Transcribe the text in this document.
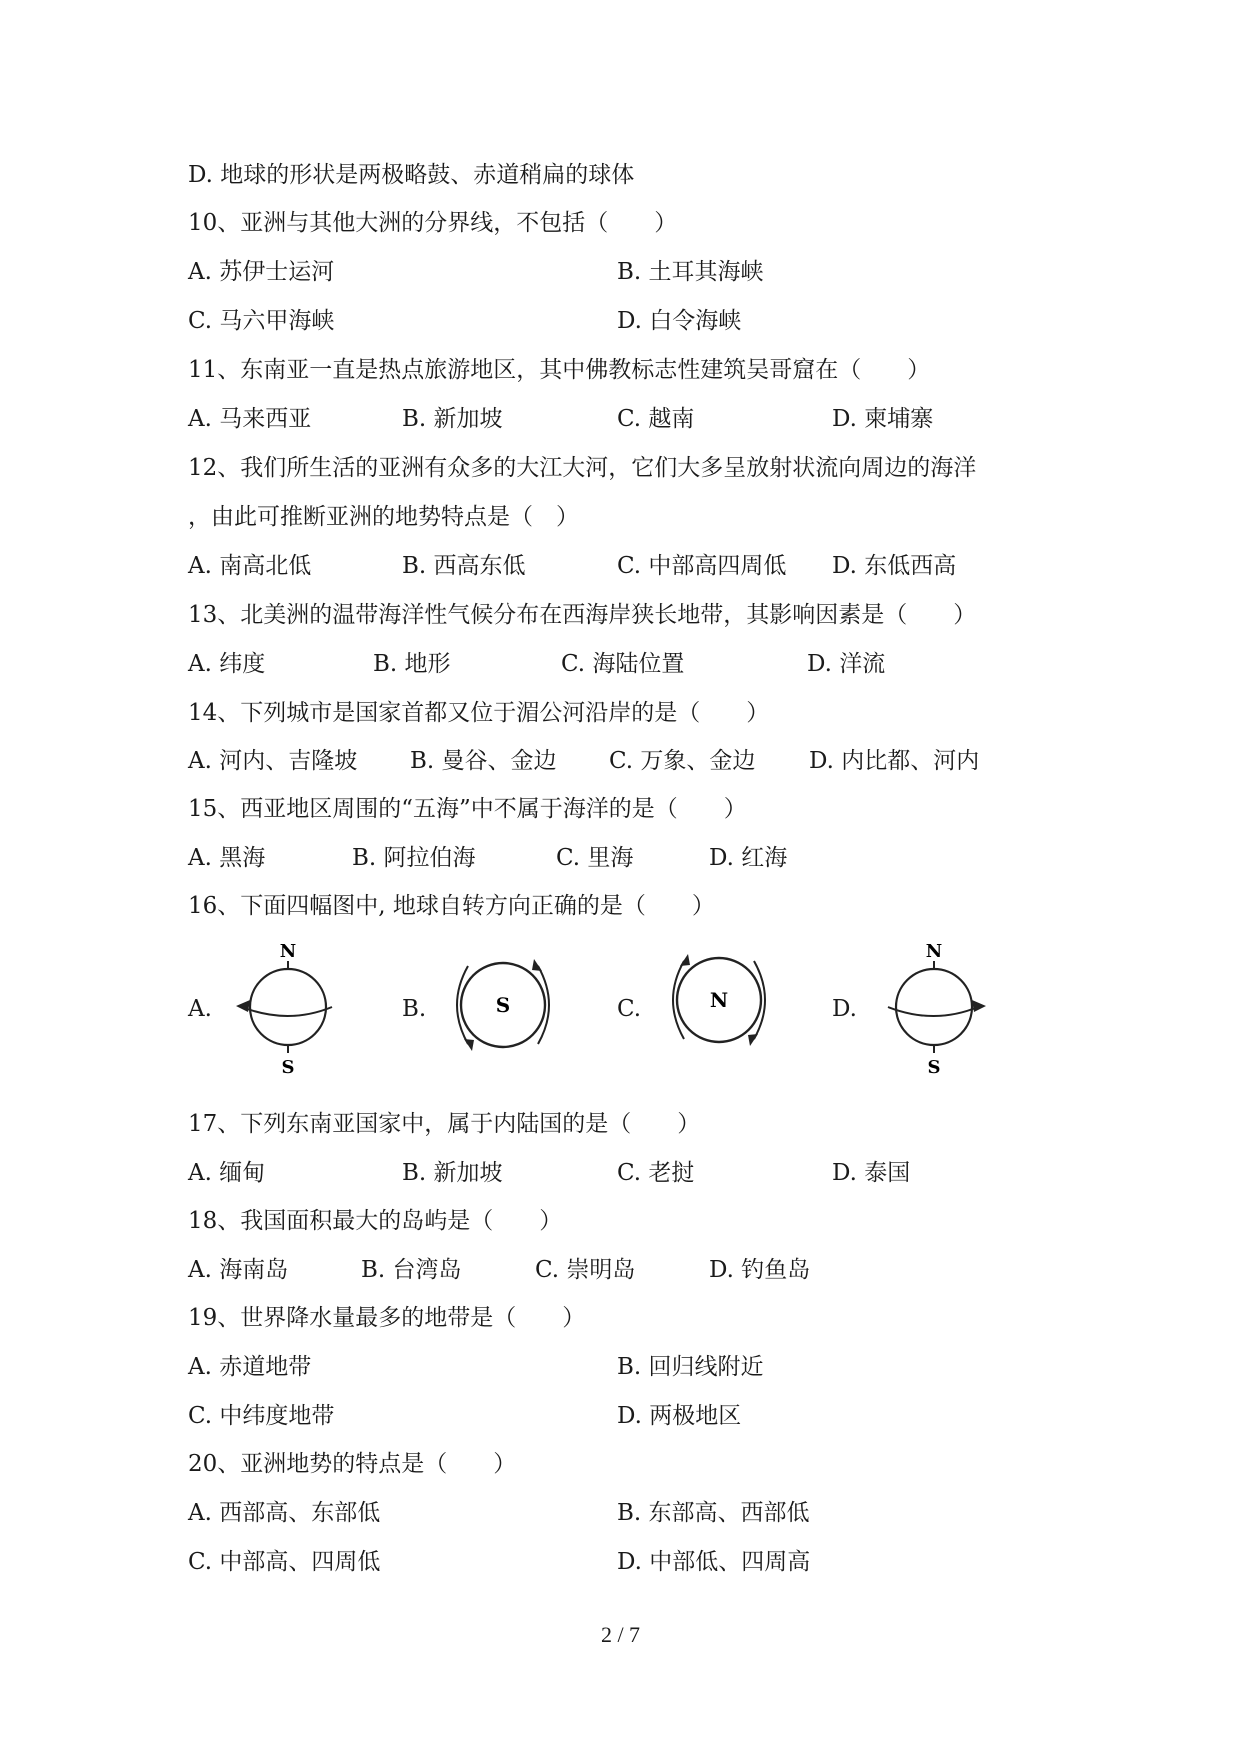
D. 地球的形状是两极略鼓、赤道稍扁的球体
10、亚洲与其他大洲的分界线，不包括（　　）
A. 苏伊士运河	B. 土耳其海峡
C. 马六甲海峡	D. 白令海峡
11、东南亚一直是热点旅游地区，其中佛教标志性建筑吴哥窟在（　　）
A. 马来西亚	B. 新加坡	C. 越南	D. 柬埔寨
12、我们所生活的亚洲有众多的大江大河，它们大多呈放射状流向周边的海洋
，由此可推断亚洲的地势特点是（　）
A. 南高北低	B. 西高东低	C. 中部高四周低 D. 东低西高
13、北美洲的温带海洋性气候分布在西海岸狭长地带，其影响因素是（　　）
A. 纬度	B. 地形	C. 海陆位置	D. 洋流
14、下列城市是国家首都又位于湄公河沿岸的是（　　）
A. 河内、吉隆坡 B. 曼谷、金边 C. 万象、金边 D. 内比都、河内
15、西亚地区周围的“五海”中不属于海洋的是（　　）
A. 黑海	B. 阿拉伯海	C. 里海	D. 红海
16、下面四幅图中, 地球自转方向正确的是（　　）
17、下列东南亚国家中，属于内陆国的是（　　）
A. 缅甸	B. 新加坡	C. 老挝	D. 泰国
18、我国面积最大的岛屿是（　　）
A. 海南岛	B. 台湾岛	C. 崇明岛	D. 钓鱼岛
19、世界降水量最多的地带是（　　）
A. 赤道地带	B. 回归线附近
C. 中纬度地带	D. 两极地区
20、亚洲地势的特点是（　　）
A. 西部高、东部低	B. 东部高、西部低
C. 中部高、四周低	D. 中部低、四周高
A.
N
S
B.	S	C.	N	D.
N
S
2 / 7
